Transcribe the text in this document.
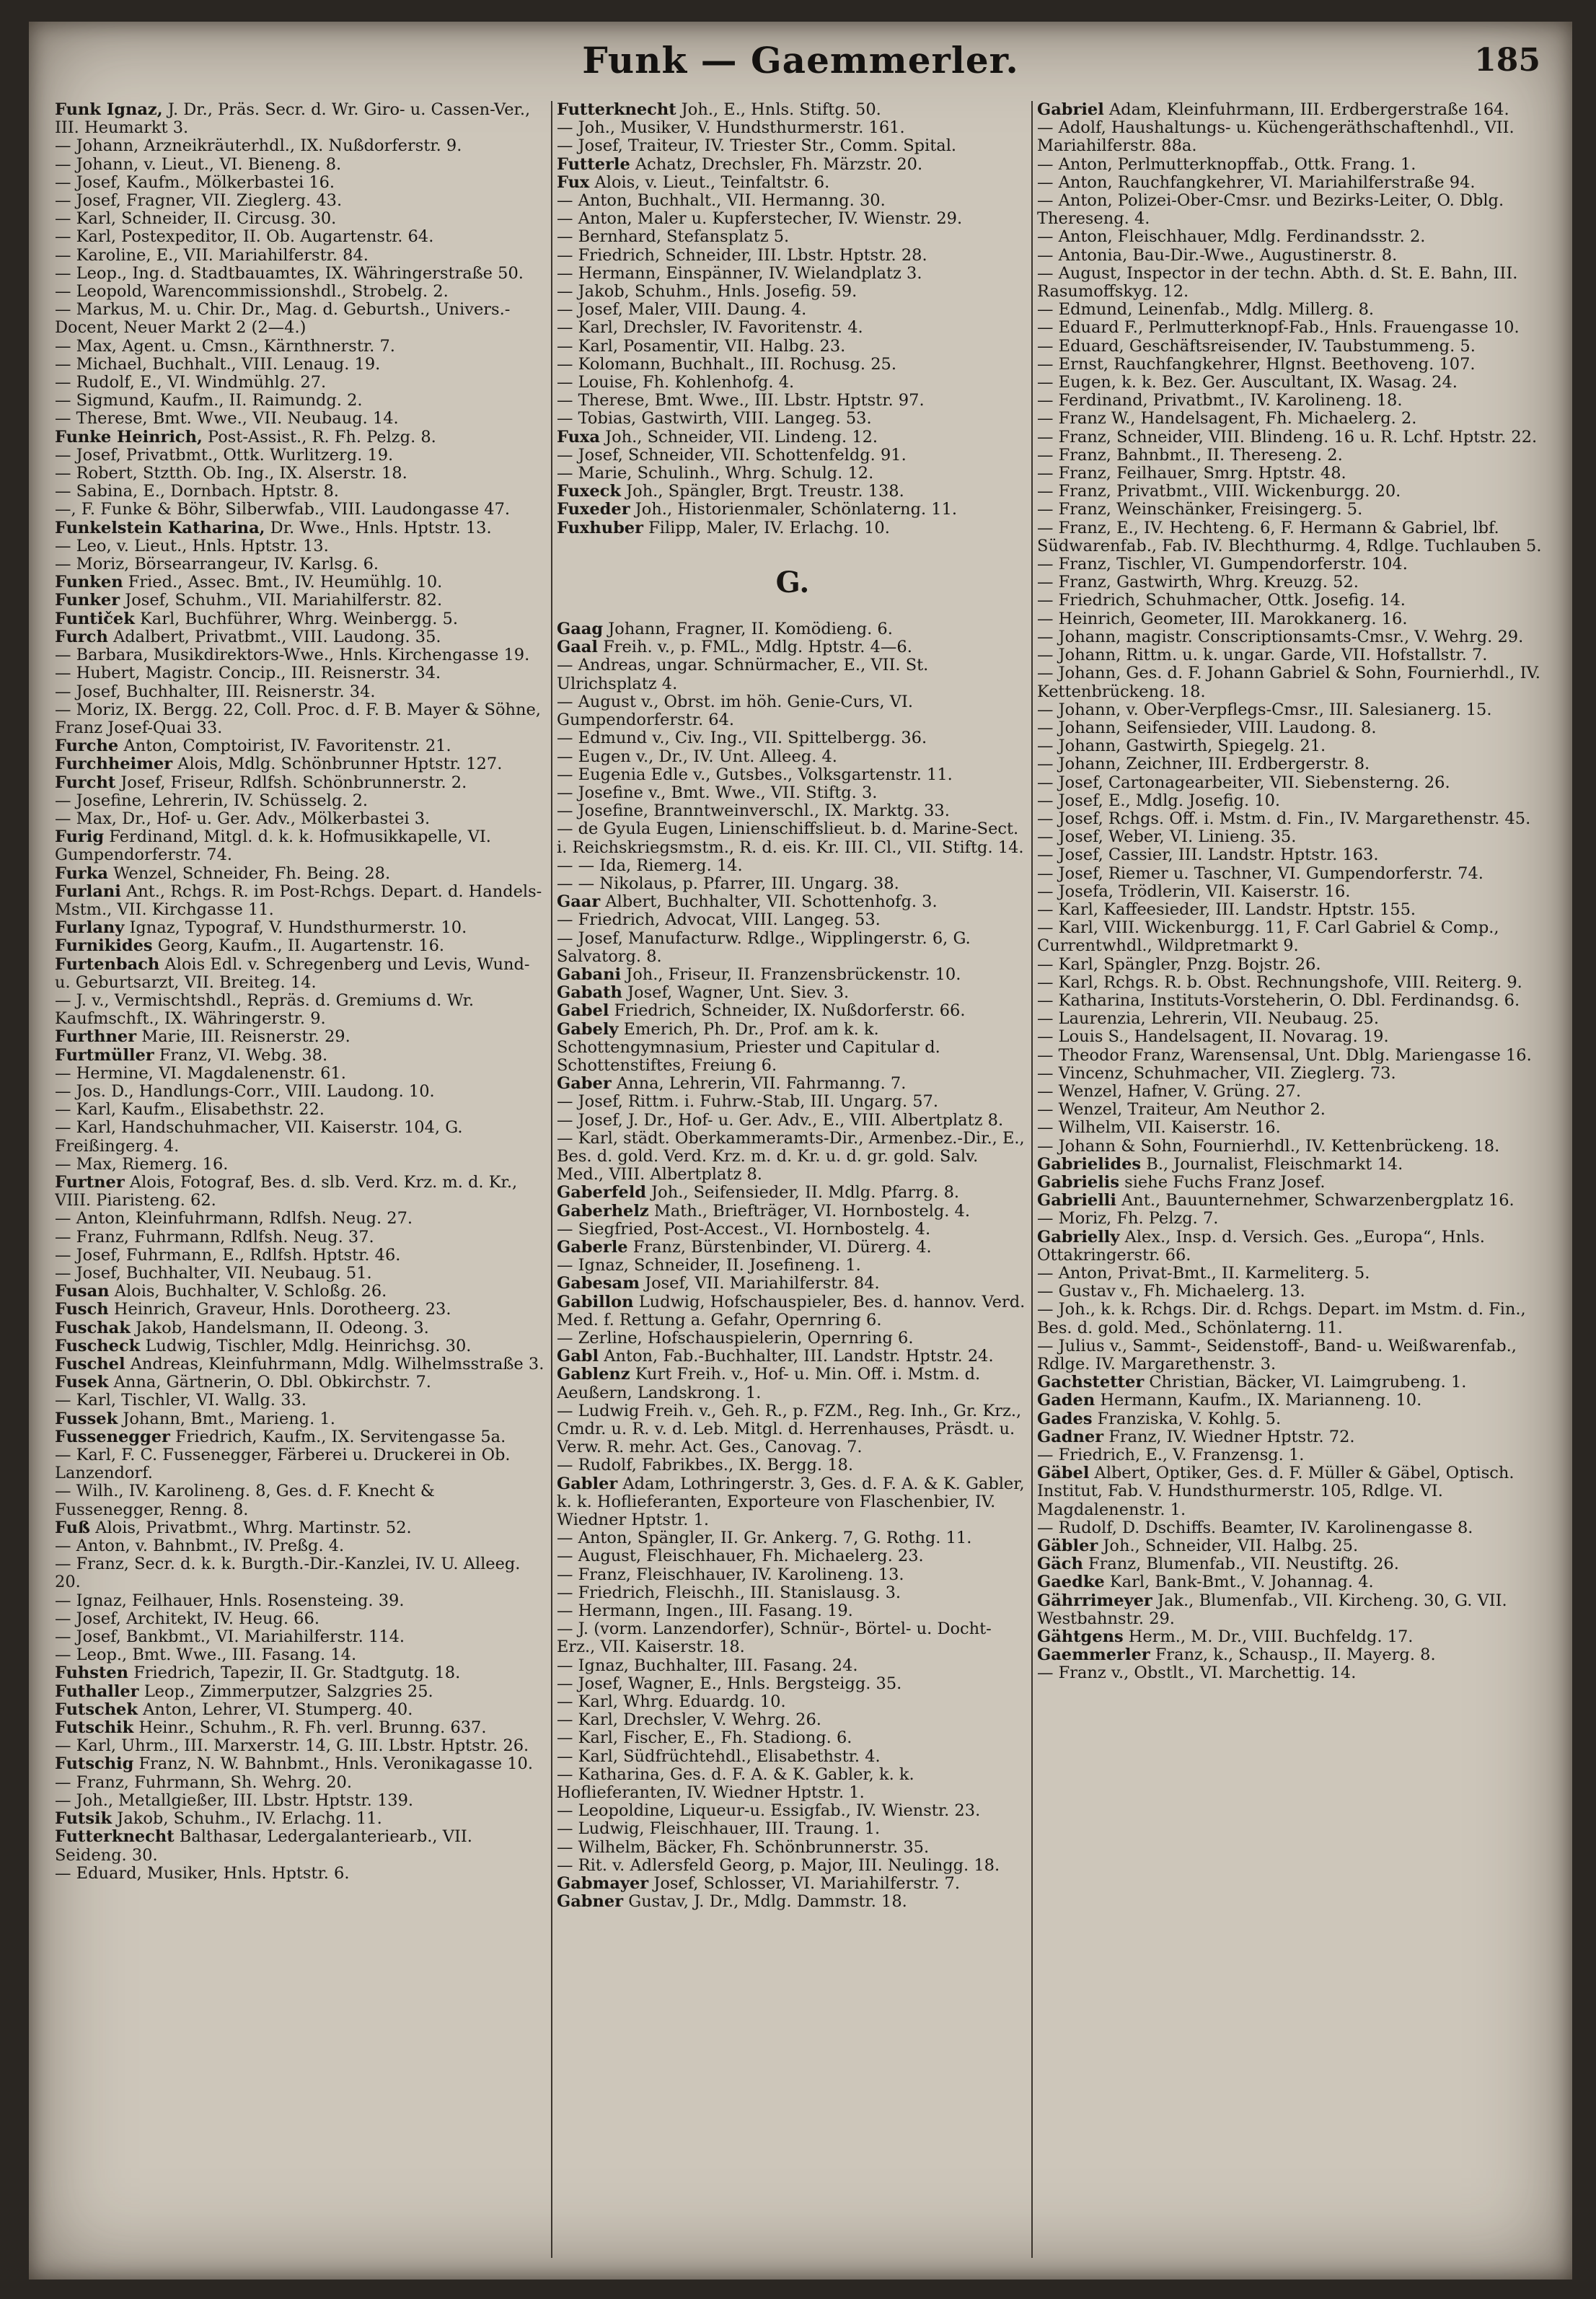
Funk — Gaemmerler.	185

Funk Ignaz, J. Dr., Präs. Secr. d. Wr. Giro- u. Cassen-Ver., III. Heumarkt 3.

— Johann, Arzneikräuterhdl., IX. Nußdorferstr. 9.

— Johann, v. Lieut., VI. Bieneng. 8.

— Josef, Kaufm., Mölkerbastei 16.

— Josef, Fragner, VII. Zieglerg. 43.

— Karl, Schneider, II. Circusg. 30.

— Karl, Postexpeditor, II. Ob. Augartenstr. 64.

— Karoline, E., VII. Mariahilferstr. 84.

— Leop., Ing. d. Stadtbauamtes, IX. Währingerstraße 50.

— Leopold, Warencommissionshdl., Strobelg. 2.

— Markus, M. u. Chir. Dr., Mag. d. Geburtsh., Univers.-Docent, Neuer Markt 2 (2—4.)

— Max, Agent. u. Cmsn., Kärnthnerstr. 7.

— Michael, Buchhalt., VIII. Lenaug. 19.

— Rudolf, E., VI. Windmühlg. 27.

— Sigmund, Kaufm., II. Raimundg. 2.

— Therese, Bmt. Wwe., VII. Neubaug. 14.

Funke Heinrich, Post-Assist., R. Fh. Pelzg. 8.

— Josef, Privatbmt., Ottk. Wurlitzerg. 19.

— Robert, Stztth. Ob. Ing., IX. Alserstr. 18.

— Sabina, E., Dornbach. Hptstr. 8.

—, F. Funke & Böhr, Silberwfab., VIII. Laudongasse 47.

Funkelstein Katharina, Dr. Wwe., Hnls. Hptstr. 13.

— Leo, v. Lieut., Hnls. Hptstr. 13.

— Moriz, Börsearrangeur, IV. Karlsg. 6.

Funken Fried., Assec. Bmt., IV. Heumühlg. 10.

Funker Josef, Schuhm., VII. Mariahilferstr. 82.

Funtiček Karl, Buchführer, Whrg. Weinbergg. 5.

Furch Adalbert, Privatbmt., VIII. Laudong. 35.

— Barbara, Musikdirektors-Wwe., Hnls. Kirchengasse 19.

— Hubert, Magistr. Concip., III. Reisnerstr. 34.

— Josef, Buchhalter, III. Reisnerstr. 34.

— Moriz, IX. Bergg. 22, Coll. Proc. d. F. B. Mayer & Söhne, Franz Josef-Quai 33.

Furche Anton, Comptoirist, IV. Favoritenstr. 21.

Furchheimer Alois, Mdlg. Schönbrunner Hptstr. 127.

Furcht Josef, Friseur, Rdlfsh. Schönbrunnerstr. 2.

— Josefine, Lehrerin, IV. Schüsselg. 2.

— Max, Dr., Hof- u. Ger. Adv., Mölkerbastei 3.

Furig Ferdinand, Mitgl. d. k. k. Hofmusikkapelle, VI. Gumpendorferstr. 74.

Furka Wenzel, Schneider, Fh. Being. 28.

Furlani Ant., Rchgs. R. im Post-Rchgs. Depart. d. Handels-Mstm., VII. Kirchgasse 11.

Furlany Ignaz, Typograf, V. Hundsthurmerstr. 10.

Furnikides Georg, Kaufm., II. Augartenstr. 16.

Furtenbach Alois Edl. v. Schregenberg und Levis, Wund- u. Geburtsarzt, VII. Breiteg. 14.

— J. v., Vermischtshdl., Repräs. d. Gremiums d. Wr. Kaufmschft., IX. Währingerstr. 9.

Furthner Marie, III. Reisnerstr. 29.

Furtmüller Franz, VI. Webg. 38.

— Hermine, VI. Magdalenenstr. 61.

— Jos. D., Handlungs-Corr., VIII. Laudong. 10.

— Karl, Kaufm., Elisabethstr. 22.

— Karl, Handschuhmacher, VII. Kaiserstr. 104, G. Freißingerg. 4.

— Max, Riemerg. 16.

Furtner Alois, Fotograf, Bes. d. slb. Verd. Krz. m. d. Kr., VIII. Piaristeng. 62.

— Anton, Kleinfuhrmann, Rdlfsh. Neug. 27.

— Franz, Fuhrmann, Rdlfsh. Neug. 37.

— Josef, Fuhrmann, E., Rdlfsh. Hptstr. 46.

— Josef, Buchhalter, VII. Neubaug. 51.

Fusan Alois, Buchhalter, V. Schloßg. 26.

Fusch Heinrich, Graveur, Hnls. Dorotheerg. 23.

Fuschak Jakob, Handelsmann, II. Odeong. 3.

Fuscheck Ludwig, Tischler, Mdlg. Heinrichsg. 30.

Fuschel Andreas, Kleinfuhrmann, Mdlg. Wilhelmsstraße 3.

Fusek Anna, Gärtnerin, O. Dbl. Obkirchstr. 7.

— Karl, Tischler, VI. Wallg. 33.

Fussek Johann, Bmt., Marieng. 1.

Fussenegger Friedrich, Kaufm., IX. Servitengasse 5a.

— Karl, F. C. Fussenegger, Färberei u. Druckerei in Ob. Lanzendorf.

— Wilh., IV. Karolineng. 8, Ges. d. F. Knecht & Fussenegger, Renng. 8.

Fuß Alois, Privatbmt., Whrg. Martinstr. 52.

— Anton, v. Bahnbmt., IV. Preßg. 4.

— Franz, Secr. d. k. k. Burgth.-Dir.-Kanzlei, IV. U. Alleeg. 20.

— Ignaz, Feilhauer, Hnls. Rosensteing. 39.

— Josef, Architekt, IV. Heug. 66.

— Josef, Bankbmt., VI. Mariahilferstr. 114.

— Leop., Bmt. Wwe., III. Fasang. 14.

Fuhsten Friedrich, Tapezir, II. Gr. Stadtgutg. 18.

Futhaller Leop., Zimmerputzer, Salzgries 25.

Futschek Anton, Lehrer, VI. Stumperg. 40.

Futschik Heinr., Schuhm., R. Fh. verl. Brunng. 637.

— Karl, Uhrm., III. Marxerstr. 14, G. III. Lbstr. Hptstr. 26.

Futschig Franz, N. W. Bahnbmt., Hnls. Veronikagasse 10.

— Franz, Fuhrmann, Sh. Wehrg. 20.

— Joh., Metallgießer, III. Lbstr. Hptstr. 139.

Futsik Jakob, Schuhm., IV. Erlachg. 11.

Futterknecht Balthasar, Ledergalanteriearb., VII. Seideng. 30.

— Eduard, Musiker, Hnls. Hptstr. 6.

Futterknecht Joh., E., Hnls. Stiftg. 50.

— Joh., Musiker, V. Hundsthurmerstr. 161.

— Josef, Traiteur, IV. Triester Str., Comm. Spital.

Futterle Achatz, Drechsler, Fh. Märzstr. 20.

Fux Alois, v. Lieut., Teinfaltstr. 6.

— Anton, Buchhalt., VII. Hermanng. 30.

— Anton, Maler u. Kupferstecher, IV. Wienstr. 29.

— Bernhard, Stefansplatz 5.

— Friedrich, Schneider, III. Lbstr. Hptstr. 28.

— Hermann, Einspänner, IV. Wielandplatz 3.

— Jakob, Schuhm., Hnls. Josefig. 59.

— Josef, Maler, VIII. Daung. 4.

— Karl, Drechsler, IV. Favoritenstr. 4.

— Karl, Posamentir, VII. Halbg. 23.

— Kolomann, Buchhalt., III. Rochusg. 25.

— Louise, Fh. Kohlenhofg. 4.

— Therese, Bmt. Wwe., III. Lbstr. Hptstr. 97.

— Tobias, Gastwirth, VIII. Langeg. 53.

Fuxa Joh., Schneider, VII. Lindeng. 12.

— Josef, Schneider, VII. Schottenfeldg. 91.

— Marie, Schulinh., Whrg. Schulg. 12.

Fuxeck Joh., Spängler, Brgt. Treustr. 138.

Fuxeder Joh., Historienmaler, Schönlaterng. 11.

Fuxhuber Filipp, Maler, IV. Erlachg. 10.

G.

Gaag Johann, Fragner, II. Komödieng. 6.

Gaal Freih. v., p. FML., Mdlg. Hptstr. 4—6.

— Andreas, ungar. Schnürmacher, E., VII. St. Ulrichsplatz 4.

— August v., Obrst. im höh. Genie-Curs, VI. Gumpendorferstr. 64.

— Edmund v., Civ. Ing., VII. Spittelbergg. 36.

— Eugen v., Dr., IV. Unt. Alleeg. 4.

— Eugenia Edle v., Gutsbes., Volksgartenstr. 11.

— Josefine v., Bmt. Wwe., VII. Stiftg. 3.

— Josefine, Branntweinverschl., IX. Marktg. 33.

— de Gyula Eugen, Linienschiffslieut. b. d. Marine-Sect. i. Reichskriegsmstm., R. d. eis. Kr. III. Cl., VII. Stiftg. 14.

— — Ida, Riemerg. 14.

— — Nikolaus, p. Pfarrer, III. Ungarg. 38.

Gaar Albert, Buchhalter, VII. Schottenhofg. 3.

— Friedrich, Advocat, VIII. Langeg. 53.

— Josef, Manufacturw. Rdlge., Wipplingerstr. 6, G. Salvatorg. 8.

Gabani Joh., Friseur, II. Franzensbrückenstr. 10.

Gabath Josef, Wagner, Unt. Siev. 3.

Gabel Friedrich, Schneider, IX. Nußdorferstr. 66.

Gabely Emerich, Ph. Dr., Prof. am k. k. Schottengymnasium, Priester und Capitular d. Schottenstiftes, Freiung 6.

Gaber Anna, Lehrerin, VII. Fahrmanng. 7.

— Josef, Rittm. i. Fuhrw.-Stab, III. Ungarg. 57.

— Josef, J. Dr., Hof- u. Ger. Adv., E., VIII. Albertplatz 8.

— Karl, städt. Oberkammeramts-Dir., Armenbez.-Dir., E., Bes. d. gold. Verd. Krz. m. d. Kr. u. d. gr. gold. Salv. Med., VIII. Albertplatz 8.

Gaberfeld Joh., Seifensieder, II. Mdlg. Pfarrg. 8.

Gaberhelz Math., Briefträger, VI. Hornbostelg. 4.

— Siegfried, Post-Accest., VI. Hornbostelg. 4.

Gaberle Franz, Bürstenbinder, VI. Dürerg. 4.

— Ignaz, Schneider, II. Josefineng. 1.

Gabesam Josef, VII. Mariahilferstr. 84.

Gabillon Ludwig, Hofschauspieler, Bes. d. hannov. Verd. Med. f. Rettung a. Gefahr, Opernring 6.

— Zerline, Hofschauspielerin, Opernring 6.

Gabl Anton, Fab.-Buchhalter, III. Landstr. Hptstr. 24.

Gablenz Kurt Freih. v., Hof- u. Min. Off. i. Mstm. d. Aeußern, Landskrong. 1.

— Ludwig Freih. v., Geh. R., p. FZM., Reg. Inh., Gr. Krz., Cmdr. u. R. v. d. Leb. Mitgl. d. Herrenhauses, Präsdt. u. Verw. R. mehr. Act. Ges., Canovag. 7.

— Rudolf, Fabrikbes., IX. Bergg. 18.

Gabler Adam, Lothringerstr. 3, Ges. d. F. A. & K. Gabler, k. k. Hoflieferanten, Exporteure von Flaschenbier, IV. Wiedner Hptstr. 1.

— Anton, Spängler, II. Gr. Ankerg. 7, G. Rothg. 11.

— August, Fleischhauer, Fh. Michaelerg. 23.

— Franz, Fleischhauer, IV. Karolineng. 13.

— Friedrich, Fleischh., III. Stanislausg. 3.

— Hermann, Ingen., III. Fasang. 19.

— J. (vorm. Lanzendorfer), Schnür-, Börtel- u. Docht-Erz., VII. Kaiserstr. 18.

— Ignaz, Buchhalter, III. Fasang. 24.

— Josef, Wagner, E., Hnls. Bergsteigg. 35.

— Karl, Whrg. Eduardg. 10.

— Karl, Drechsler, V. Wehrg. 26.

— Karl, Fischer, E., Fh. Stadiong. 6.

— Karl, Südfrüchtehdl., Elisabethstr. 4.

— Katharina, Ges. d. F. A. & K. Gabler, k. k. Hoflieferanten, IV. Wiedner Hptstr. 1.

— Leopoldine, Liqueur-u. Essigfab., IV. Wienstr. 23.

— Ludwig, Fleischhauer, III. Traung. 1.

— Wilhelm, Bäcker, Fh. Schönbrunnerstr. 35.

— Rit. v. Adlersfeld Georg, p. Major, III. Neulingg. 18.

Gabmayer Josef, Schlosser, VI. Mariahilferstr. 7.

Gabner Gustav, J. Dr., Mdlg. Dammstr. 18.

Gabriel Adam, Kleinfuhrmann, III. Erdbergerstraße 164.

— Adolf, Haushaltungs- u. Küchengeräthschaftenhdl., VII. Mariahilferstr. 88a.

— Anton, Perlmutterknopffab., Ottk. Frang. 1.

— Anton, Rauchfangkehrer, VI. Mariahilferstraße 94.

— Anton, Polizei-Ober-Cmsr. und Bezirks-Leiter, O. Dblg. Thereseng. 4.

— Anton, Fleischhauer, Mdlg. Ferdinandsstr. 2.

— Antonia, Bau-Dir.-Wwe., Augustinerstr. 8.

— August, Inspector in der techn. Abth. d. St. E. Bahn, III. Rasumoffskyg. 12.

— Edmund, Leinenfab., Mdlg. Millerg. 8.

— Eduard F., Perlmutterknopf-Fab., Hnls. Frauengasse 10.

— Eduard, Geschäftsreisender, IV. Taubstummeng. 5.

— Ernst, Rauchfangkehrer, Hlgnst. Beethoveng. 107.

— Eugen, k. k. Bez. Ger. Auscultant, IX. Wasag. 24.

— Ferdinand, Privatbmt., IV. Karolineng. 18.

— Franz W., Handelsagent, Fh. Michaelerg. 2.

— Franz, Schneider, VIII. Blindeng. 16 u. R. Lchf. Hptstr. 22.

— Franz, Bahnbmt., II. Thereseng. 2.

— Franz, Feilhauer, Smrg. Hptstr. 48.

— Franz, Privatbmt., VIII. Wickenburgg. 20.

— Franz, Weinschänker, Freisingerg. 5.

— Franz, E., IV. Hechteng. 6, F. Hermann & Gabriel, lbf. Südwarenfab., Fab. IV. Blechthurmg. 4, Rdlge. Tuchlauben 5.

— Franz, Tischler, VI. Gumpendorferstr. 104.

— Franz, Gastwirth, Whrg. Kreuzg. 52.

— Friedrich, Schuhmacher, Ottk. Josefig. 14.

— Heinrich, Geometer, III. Marokkanerg. 16.

— Johann, magistr. Conscriptionsamts-Cmsr., V. Wehrg. 29.

— Johann, Rittm. u. k. ungar. Garde, VII. Hofstallstr. 7.

— Johann, Ges. d. F. Johann Gabriel & Sohn, Fournierhdl., IV. Kettenbrückeng. 18.

— Johann, v. Ober-Verpflegs-Cmsr., III. Salesianerg. 15.

— Johann, Seifensieder, VIII. Laudong. 8.

— Johann, Gastwirth, Spiegelg. 21.

— Johann, Zeichner, III. Erdbergerstr. 8.

— Josef, Cartonagearbeiter, VII. Siebensterng. 26.

— Josef, E., Mdlg. Josefig. 10.

— Josef, Rchgs. Off. i. Mstm. d. Fin., IV. Margarethenstr. 45.

— Josef, Weber, VI. Linieng. 35.

— Josef, Cassier, III. Landstr. Hptstr. 163.

— Josef, Riemer u. Taschner, VI. Gumpendorferstr. 74.

— Josefa, Trödlerin, VII. Kaiserstr. 16.

— Karl, Kaffeesieder, III. Landstr. Hptstr. 155.

— Karl, VIII. Wickenburgg. 11, F. Carl Gabriel & Comp., Currentwhdl., Wildpretmarkt 9.

— Karl, Spängler, Pnzg. Bojstr. 26.

— Karl, Rchgs. R. b. Obst. Rechnungshofe, VIII. Reiterg. 9.

— Katharina, Instituts-Vorsteherin, O. Dbl. Ferdinandsg. 6.

— Laurenzia, Lehrerin, VII. Neubaug. 25.

— Louis S., Handelsagent, II. Novarag. 19.

— Theodor Franz, Warensensal, Unt. Dblg. Mariengasse 16.

— Vincenz, Schuhmacher, VII. Zieglerg. 73.

— Wenzel, Hafner, V. Grüng. 27.

— Wenzel, Traiteur, Am Neuthor 2.

— Wilhelm, VII. Kaiserstr. 16.

— Johann & Sohn, Fournierhdl., IV. Kettenbrückeng. 18.

Gabrielides B., Journalist, Fleischmarkt 14.

Gabrielis siehe Fuchs Franz Josef.

Gabrielli Ant., Bauunternehmer, Schwarzenbergplatz 16.

— Moriz, Fh. Pelzg. 7.

Gabrielly Alex., Insp. d. Versich. Ges. „Europa“, Hnls. Ottakringerstr. 66.

— Anton, Privat-Bmt., II. Karmeliterg. 5.

— Gustav v., Fh. Michaelerg. 13.

— Joh., k. k. Rchgs. Dir. d. Rchgs. Depart. im Mstm. d. Fin., Bes. d. gold. Med., Schönlaterng. 11.

— Julius v., Sammt-, Seidenstoff-, Band- u. Weißwarenfab., Rdlge. IV. Margarethenstr. 3.

Gachstetter Christian, Bäcker, VI. Laimgrubeng. 1.

Gaden Hermann, Kaufm., IX. Marianneng. 10.

Gades Franziska, V. Kohlg. 5.

Gadner Franz, IV. Wiedner Hptstr. 72.

— Friedrich, E., V. Franzensg. 1.

Gäbel Albert, Optiker, Ges. d. F. Müller & Gäbel, Optisch. Institut, Fab. V. Hundsthurmerstr. 105, Rdlge. VI. Magdalenenstr. 1.

— Rudolf, D. Dschiffs. Beamter, IV. Karolinengasse 8.

Gäbler Joh., Schneider, VII. Halbg. 25.

Gäch Franz, Blumenfab., VII. Neustiftg. 26.

Gaedke Karl, Bank-Bmt., V. Johannag. 4.

Gährrimeyer Jak., Blumenfab., VII. Kircheng. 30, G. VII. Westbahnstr. 29.

Gähtgens Herm., M. Dr., VIII. Buchfeldg. 17.

Gaemmerler Franz, k., Schausp., II. Mayerg. 8.

— Franz v., Obstlt., VI. Marchettig. 14.
